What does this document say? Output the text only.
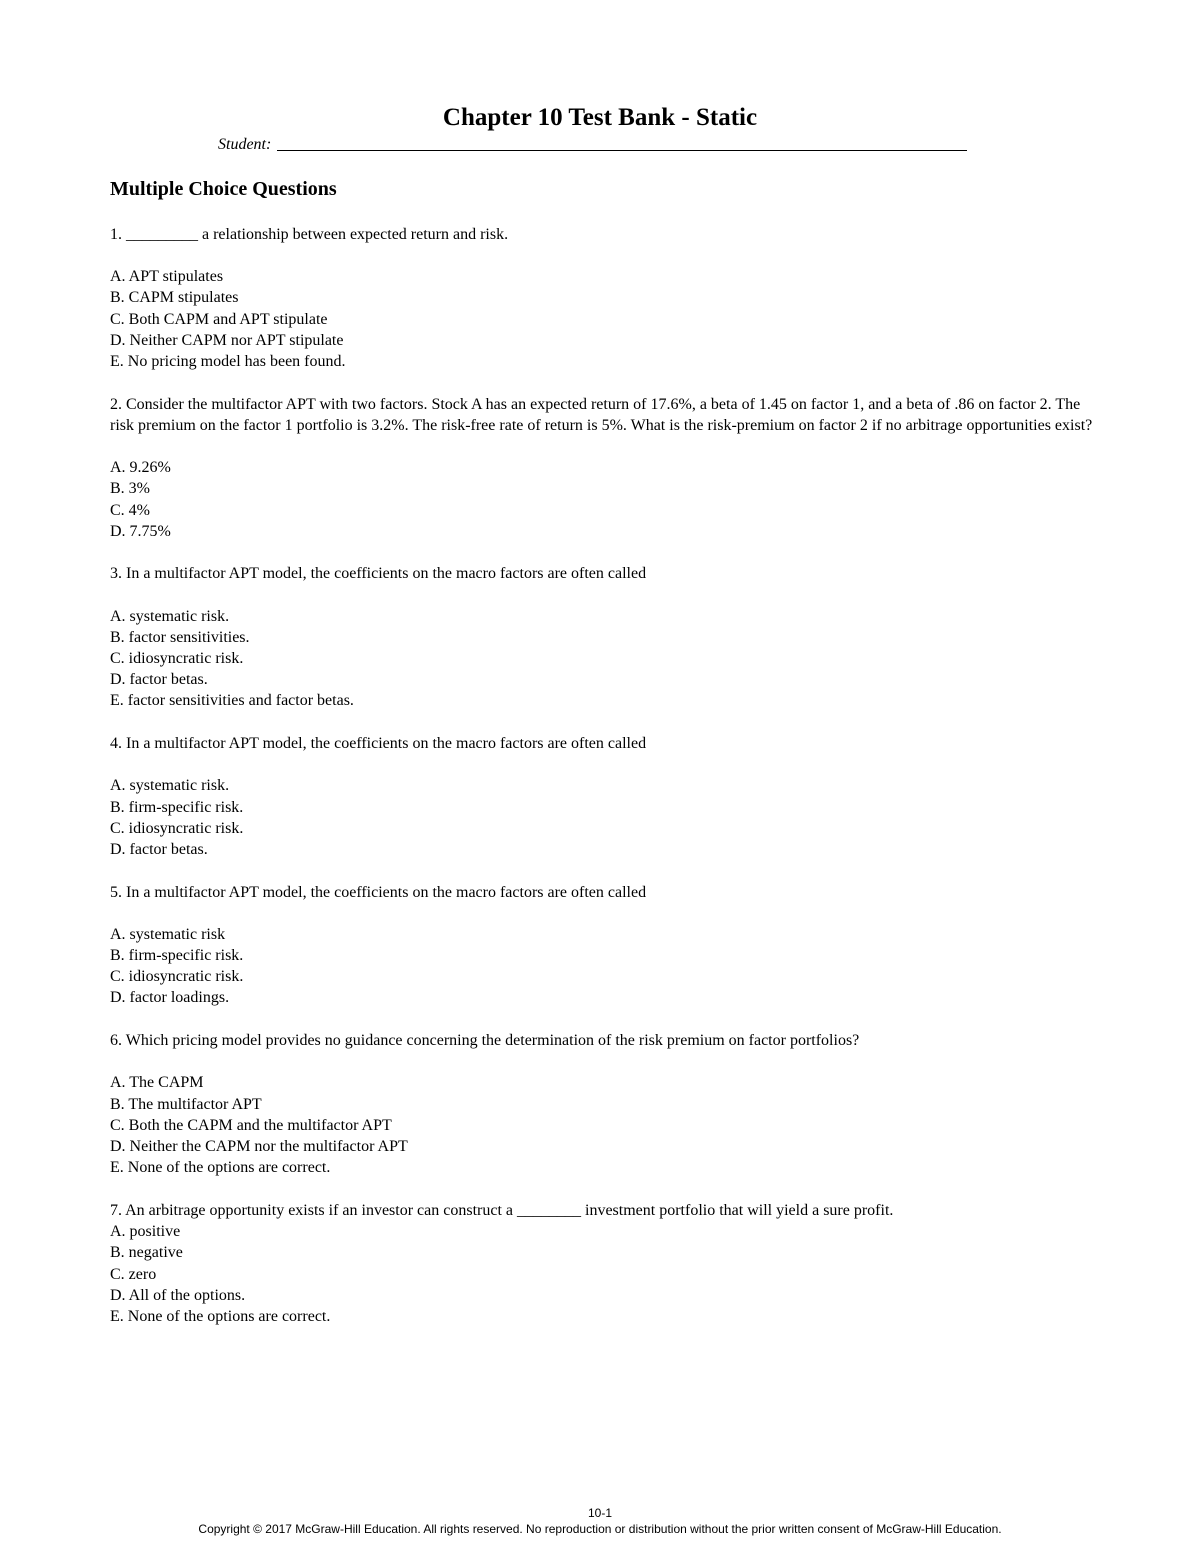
Chapter 10 Test Bank - Static
Student:
Multiple Choice Questions

1. _________ a relationship between expected return and risk.

A. APT stipulates
B. CAPM stipulates
C. Both CAPM and APT stipulate
D. Neither CAPM nor APT stipulate
E. No pricing model has been found.

2. Consider the multifactor APT with two factors. Stock A has an expected return of 17.6%, a beta of 1.45 on factor 1, and a beta of .86 on factor 2. The risk premium on the factor 1 portfolio is 3.2%. The risk-free rate of return is 5%. What is the risk-premium on factor 2 if no arbitrage opportunities exist?

A. 9.26%
B. 3%
C. 4%
D. 7.75%

3. In a multifactor APT model, the coefficients on the macro factors are often called

A. systematic risk.
B. factor sensitivities.
C. idiosyncratic risk.
D. factor betas.
E. factor sensitivities and factor betas.

4. In a multifactor APT model, the coefficients on the macro factors are often called

A. systematic risk.
B. firm-specific risk.
C. idiosyncratic risk.
D. factor betas.

5. In a multifactor APT model, the coefficients on the macro factors are often called

A. systematic risk
B. firm-specific risk.
C. idiosyncratic risk.
D. factor loadings.

6. Which pricing model provides no guidance concerning the determination of the risk premium on factor portfolios?

A. The CAPM
B. The multifactor APT
C. Both the CAPM and the multifactor APT
D. Neither the CAPM nor the multifactor APT
E. None of the options are correct.

7. An arbitrage opportunity exists if an investor can construct a ________ investment portfolio that will yield a sure profit.

A. positive
B. negative
C. zero
D. All of the options.
E. None of the options are correct.
10-1
Copyright © 2017 McGraw-Hill Education. All rights reserved. No reproduction or distribution without the prior written consent of McGraw-Hill Education.
